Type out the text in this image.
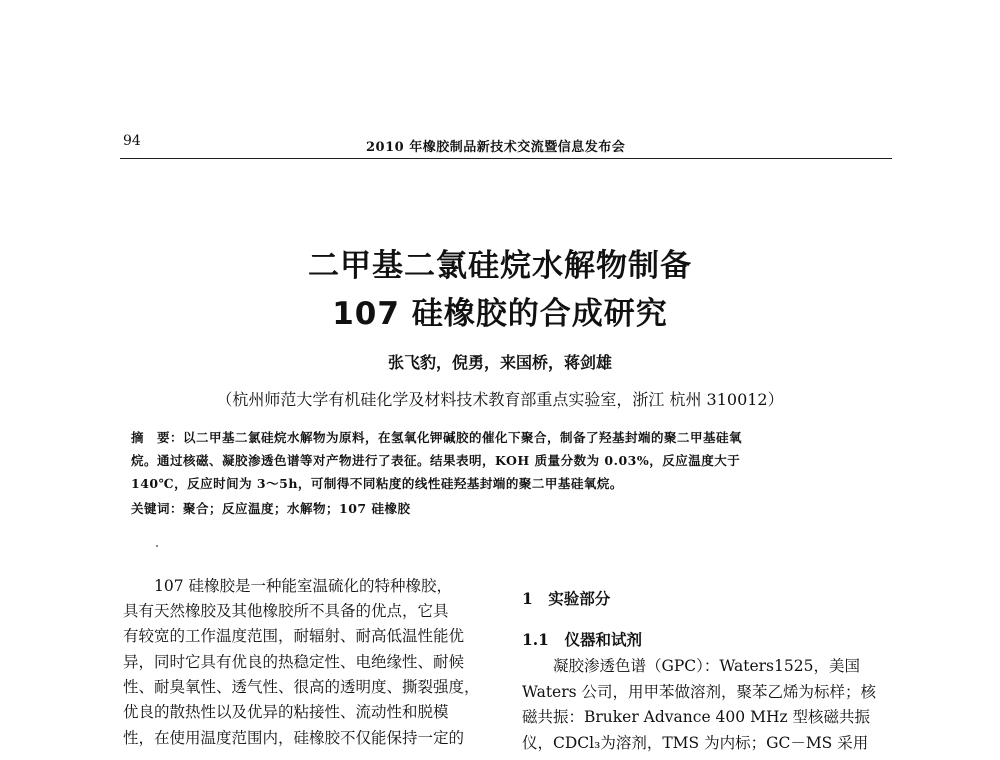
94	2010 年橡胶制品新技术交流暨信息发布会
二甲基二氯硅烷水解物制备
107 硅橡胶的合成研究
张飞豹，倪勇，来国桥，蒋剑雄
（杭州师范大学有机硅化学及材料技术教育部重点实验室，浙江 杭州 310012）
摘　要：以二甲基二氯硅烷水解物为原料，在氢氧化钾碱胶的催化下聚合，制备了羟基封端的聚二甲基硅氧
烷。通过核磁、凝胶渗透色谱等对产物进行了表征。结果表明，KOH 质量分数为 0.03%，反应温度大于
140℃，反应时间为 3～5h，可制得不同粘度的线性硅羟基封端的聚二甲基硅氧烷。
关键词：聚合；反应温度；水解物；107 硅橡胶
　　107 硅橡胶是一种能室温硫化的特种橡胶，
具有天然橡胶及其他橡胶所不具备的优点，它具
有较宽的工作温度范围，耐辐射、耐高低温性能优
异，同时它具有优良的热稳定性、电绝缘性、耐候
性、耐臭氧性、透气性、很高的透明度、撕裂强度，
优良的散热性以及优异的粘接性、流动性和脱模
性，在使用温度范围内，硅橡胶不仅能保持一定的
1　实验部分
1.1　仪器和试剂
　　凝胶渗透色谱（GPC）：Waters1525，美国
Waters 公司，用甲苯做溶剂，聚苯乙烯为标样；核
磁共振：Bruker Advance 400 MHz 型核磁共振
仪，CDCl₃为溶剂，TMS 为内标；GC－MS 采用
